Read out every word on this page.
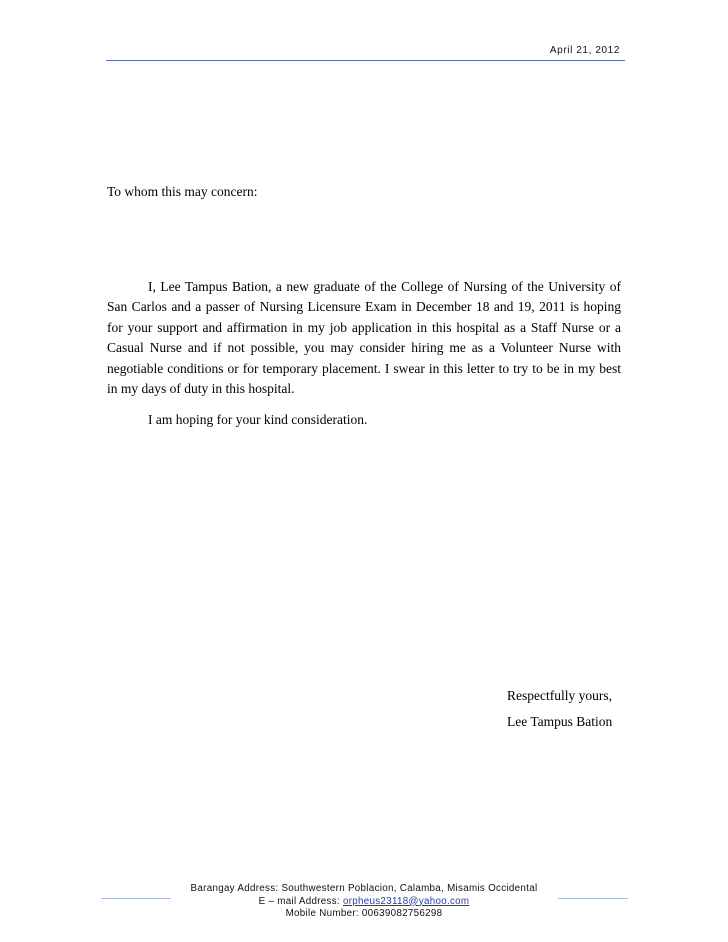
April 21, 2012

To whom this may concern:

I, Lee Tampus Bation, a new graduate of the College of Nursing of the University of San Carlos and a passer of Nursing Licensure Exam in December 18 and 19, 2011 is hoping for your support and affirmation in my job application in this hospital as a Staff Nurse or a Casual Nurse and if not possible, you may consider hiring me as a Volunteer Nurse with negotiable conditions or for temporary placement. I swear in this letter to try to be in my best in my days of duty in this hospital.

I am hoping for your kind consideration.

Respectfully yours,
Lee Tampus Bation
Barangay Address: Southwestern Poblacion, Calamba, Misamis Occidental
E – mail Address: orpheus23118@yahoo.com
Mobile Number: 00639082756298
